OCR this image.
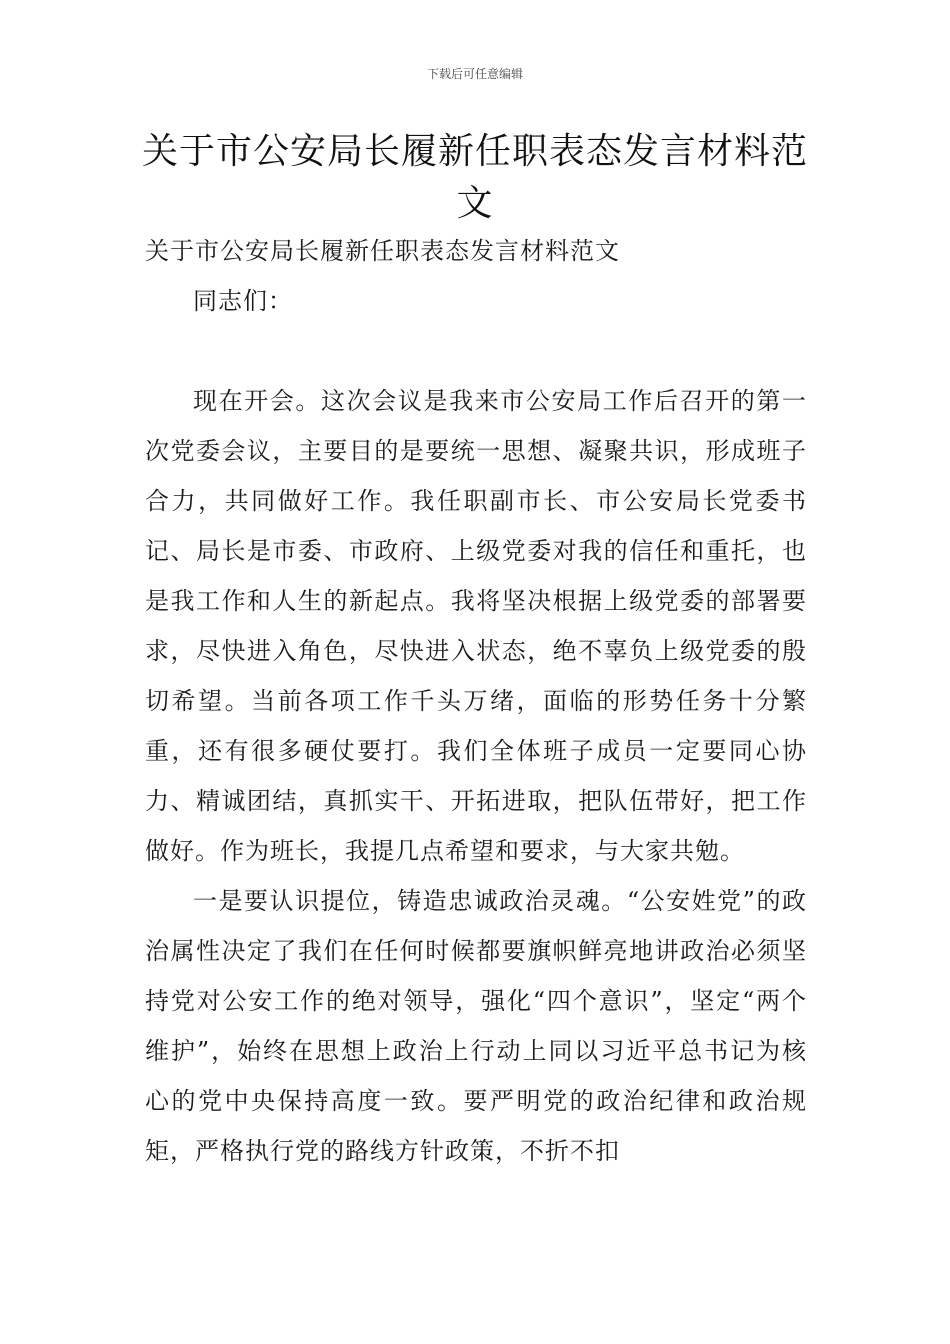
下载后可任意编辑
关于市公安局长履新任职表态发言材料范文

关于市公安局长履新任职表态发言材料范文

同志们：

现在开会。这次会议是我来市公安局工作后召开的第一次党委会议，主要目的是要统一思想、凝聚共识，形成班子合力，共同做好工作。我任职副市长、市公安局长党委书记、局长是市委、市政府、上级党委对我的信任和重托，也是我工作和人生的新起点。我将坚决根据上级党委的部署要求，尽快进入角色，尽快进入状态，绝不辜负上级党委的殷切希望。当前各项工作千头万绪，面临的形势任务十分繁重，还有很多硬仗要打。我们全体班子成员一定要同心协力、精诚团结，真抓实干、开拓进取，把队伍带好，把工作做好。作为班长，我提几点希望和要求，与大家共勉。

一是要认识提位，铸造忠诚政治灵魂。“公安姓党”的政治属性决定了我们在任何时候都要旗帜鲜亮地讲政治必须坚持党对公安工作的绝对领导，强化“四个意识”，坚定“两个维护”，始终在思想上政治上行动上同以习近平总书记为核心的党中央保持高度一致。要严明党的政治纪律和政治规矩，严格执行党的路线方针政策，不折不扣
